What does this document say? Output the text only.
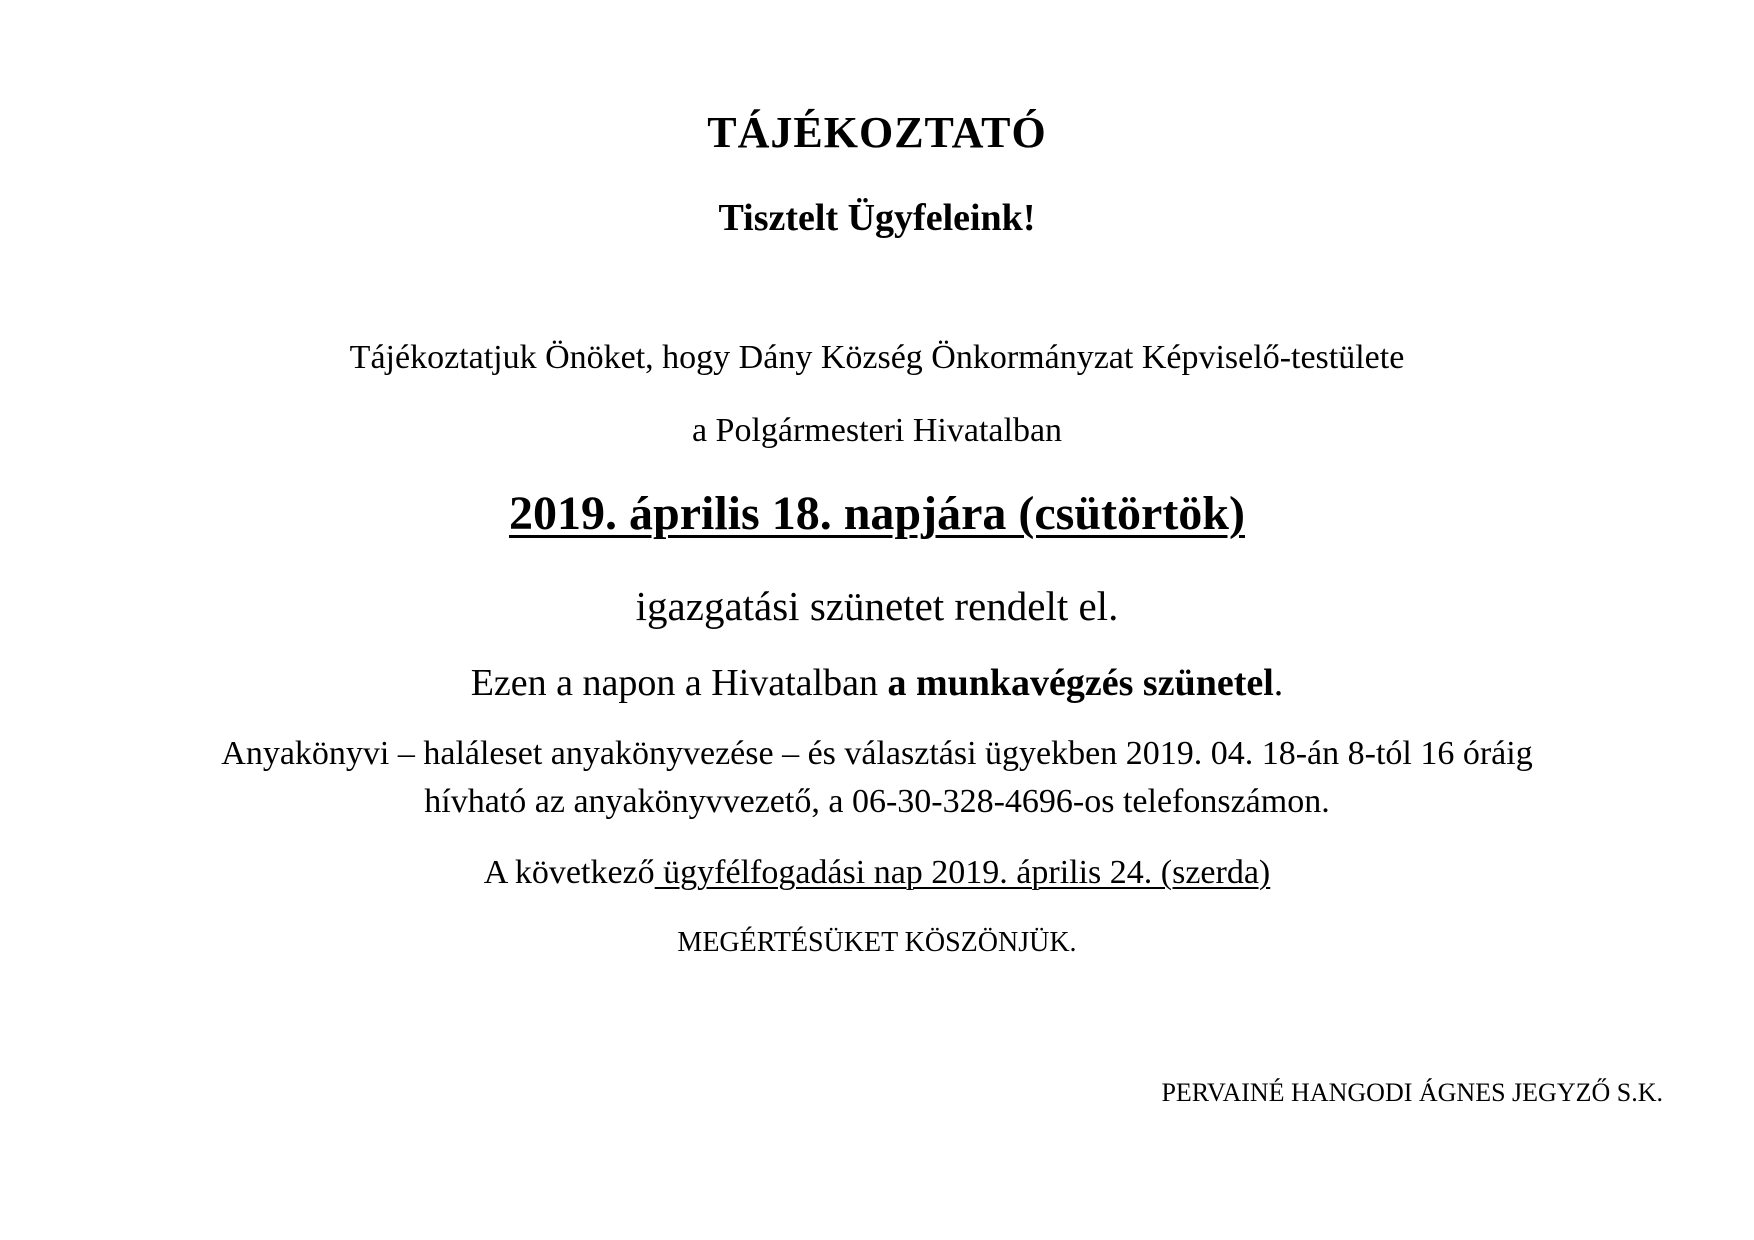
TÁJÉKOZTATÓ
Tisztelt Ügyfeleink!
Tájékoztatjuk Önöket, hogy Dány Község Önkormányzat Képviselő-testülete
a Polgármesteri Hivatalban
2019. április 18. napjára (csütörtök)
igazgatási szünetet rendelt el.
Ezen a napon a Hivatalban a munkavégzés szünetel.
Anyakönyvi – haláleset anyakönyvezése – és választási ügyekben 2019. 04. 18-án 8-tól 16 óráig
hívható az anyakönyvvezető, a 06-30-328-4696-os telefonszámon.
A következő ügyfélfogadási nap 2019. április 24. (szerda)
MEGÉRTÉSÜKET KÖSZÖNJÜK.
PERVAINÉ HANGODI ÁGNES JEGYZŐ S.K.
